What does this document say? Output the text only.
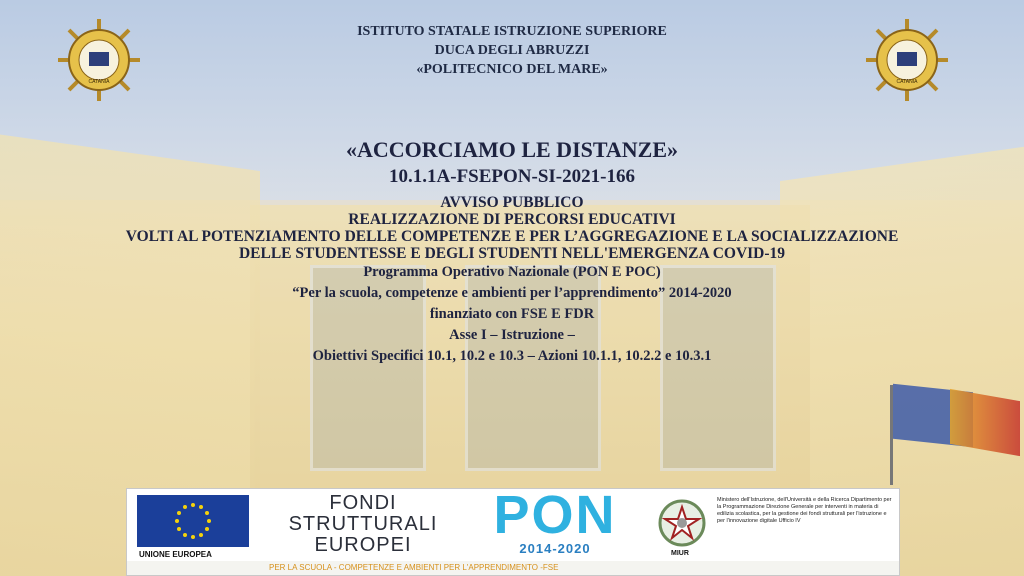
CATANIA	CATANIA
ISTITUTO STATALE ISTRUZIONE SUPERIORE
DUCA DEGLI ABRUZZI
«POLITECNICO DEL MARE»
«ACCORCIAMO LE DISTANZE»
10.1.1A-FSEPON-SI-2021-166
AVVISO PUBBLICO
REALIZZAZIONE DI PERCORSI EDUCATIVI
VOLTI AL POTENZIAMENTO DELLE COMPETENZE E PER L’AGGREGAZIONE E LA SOCIALIZZAZIONE
DELLE STUDENTESSE E DEGLI STUDENTI NELL'EMERGENZA COVID-19
Programma Operativo Nazionale (PON E POC)
“Per la scuola, competenze e ambienti per l’apprendimento” 2014-2020
finanziato con FSE E FDR
Asse I – Istruzione –
Obiettivi Specifici 10.1, 10.2 e 10.3 – Azioni 10.1.1, 10.2.2 e 10.3.1
UNIONE EUROPEA
FONDI
STRUTTURALI
EUROPEI	PON
2014-2020	MIUR
Ministero dell'Istruzione, dell'Università e della Ricerca Dipartimento per la Programmazione Direzione Generale per interventi in materia di edilizia scolastica, per la gestione dei fondi strutturali per l'istruzione e per l'innovazione digitale Ufficio IV
PER LA SCUOLA - COMPETENZE E AMBIENTI PER L'APPRENDIMENTO -FSE
